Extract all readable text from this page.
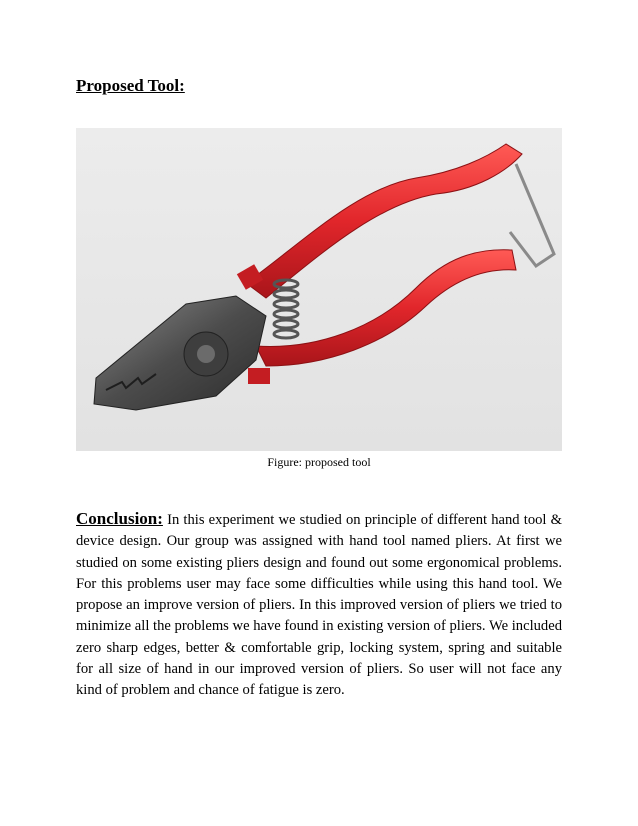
Proposed Tool:

Figure: proposed tool

Conclusion: In this experiment we studied on principle of different hand tool & device design. Our group was assigned with hand tool named pliers. At first we studied on some existing pliers design and found out some ergonomical problems. For this problems user may face some difficulties while using this hand tool. We propose an improve version of pliers. In this improved version of pliers we tried to minimize all the problems we have found in existing version of pliers. We included zero sharp edges, better & comfortable grip, locking system, spring and suitable for all size of hand in our improved version of pliers. So user will not face any kind of problem and chance of fatigue is zero.
